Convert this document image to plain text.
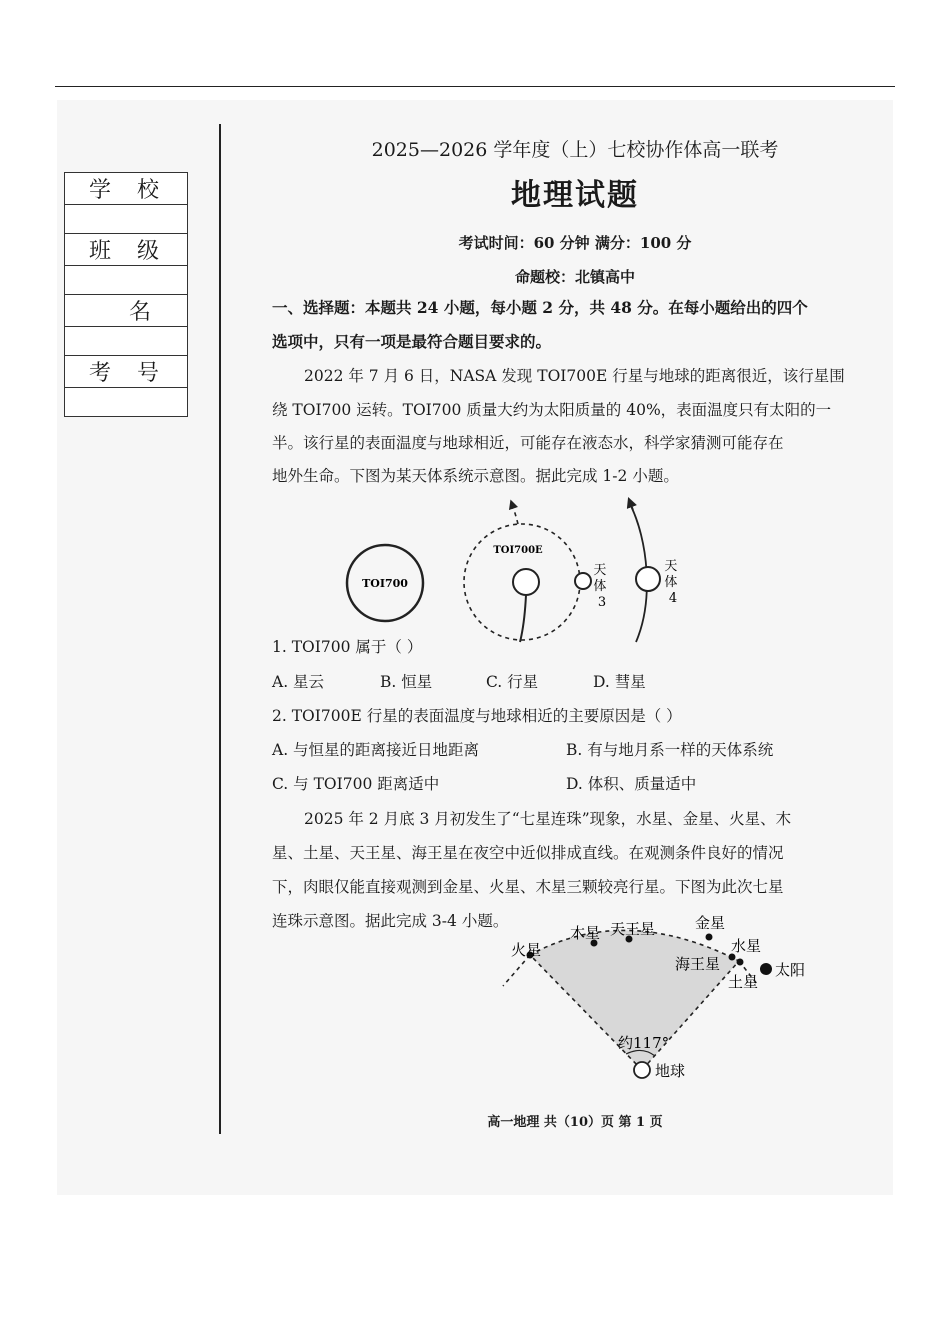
学校

班级

名

考号

2025—2026 学年度（上）七校协作体高一联考
地理试题
考试时间：60 分钟 满分：100 分
命题校：北镇高中
一、选择题：本题共 24 小题，每小题 2 分，共 48 分。在每小题给出的四个
选项中，只有一项是最符合题目要求的。
2022 年 7 月 6 日，NASA 发现 TOI700E 行星与地球的距离很近，该行星围
绕 TOI700 运转。TOI700 质量大约为太阳质量的 40%，表面温度只有太阳的一
半。该行星的表面温度与地球相近，可能存在液态水，科学家猜测可能存在
地外生命。下图为某天体系统示意图。据此完成 1-2 小题。
TOI700
TOI700E
天 体 3
天 体 4
1. TOI700 属于（ ）
A. 星云	B. 恒星	C. 行星	D. 彗星
2. TOI700E 行星的表面温度与地球相近的主要原因是（ ）
A. 与恒星的距离接近日地距离	B. 有与地月系一样的天体系统
C. 与 TOI700 距离适中	D. 体积、质量适中
2025 年 2 月底 3 月初发生了“七星连珠”现象，水星、金星、火星、木
星、土星、天王星、海王星在夜空中近似排成直线。在观测条件良好的情况
下，肉眼仅能直接观测到金星、火星、木星三颗较亮行星。下图为此次七星
连珠示意图。据此完成 3-4 小题。
火星
木星 天王星	金星
水星
海王星	太阳
土星
约117°
地球
高一地理 共（10）页 第 1 页
